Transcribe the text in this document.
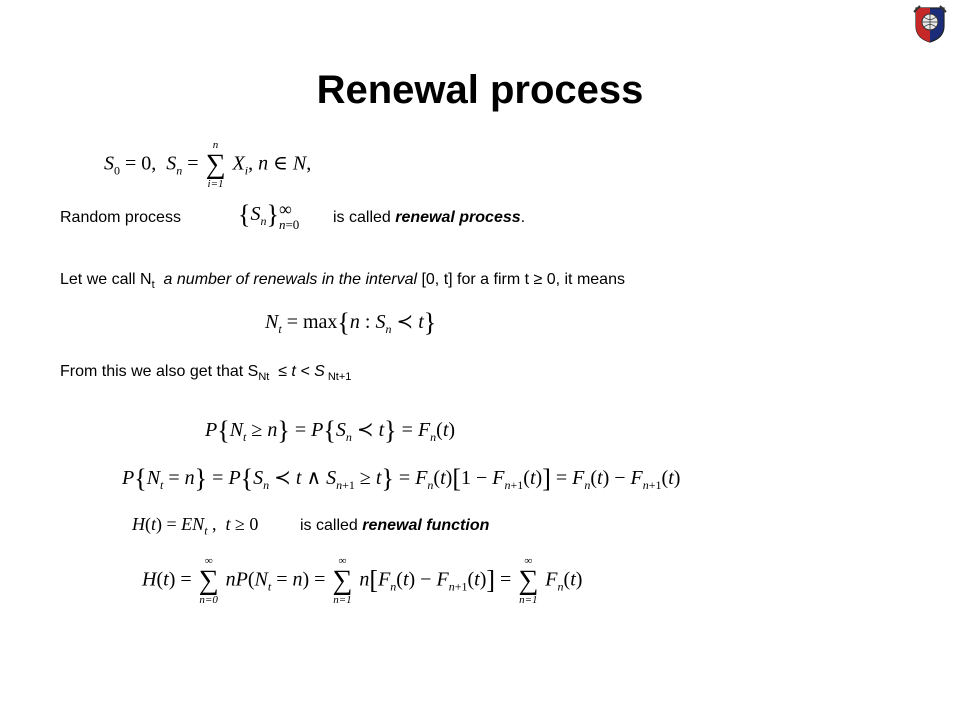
Renewal process
$S_0 = 0$,  $S_n$ =
n
∑
i=1
$X_i$, n ∈ N,
Random process $\{S_n\}$ ∞
n=0 is called renewal process.
Let we call $N_t$  a number of renewals in the interval [0, t] for a firm t ≥ 0, it means
$N_t = \max\{n$ : $S_n$ ≺ t}
From this we also get that $S_{Nt} \le t < S$ $_{Nt+1}$
$P\{N_t \ge n\} = P\{S_n$ ≺ $t\} = F_n(t)$
$P\{N_t = n\} = P\{S_n$ ≺ t ∧ $S_{n+1} \ge t\} = F_n(t)[1 - F_{n+1}(t)] = F_n(t) - F_{n+1}(t)$
$H(t) = EN_t$ ,  t ≥ 0	is called renewal function
H(t) =
∞
∑
n=0
$nP(N_t = n)$ =
∞
∑
n=1
$n[F_n(t) - F_{n+1}(t)]$ =
∞
∑
n=1
$F_n(t)$
